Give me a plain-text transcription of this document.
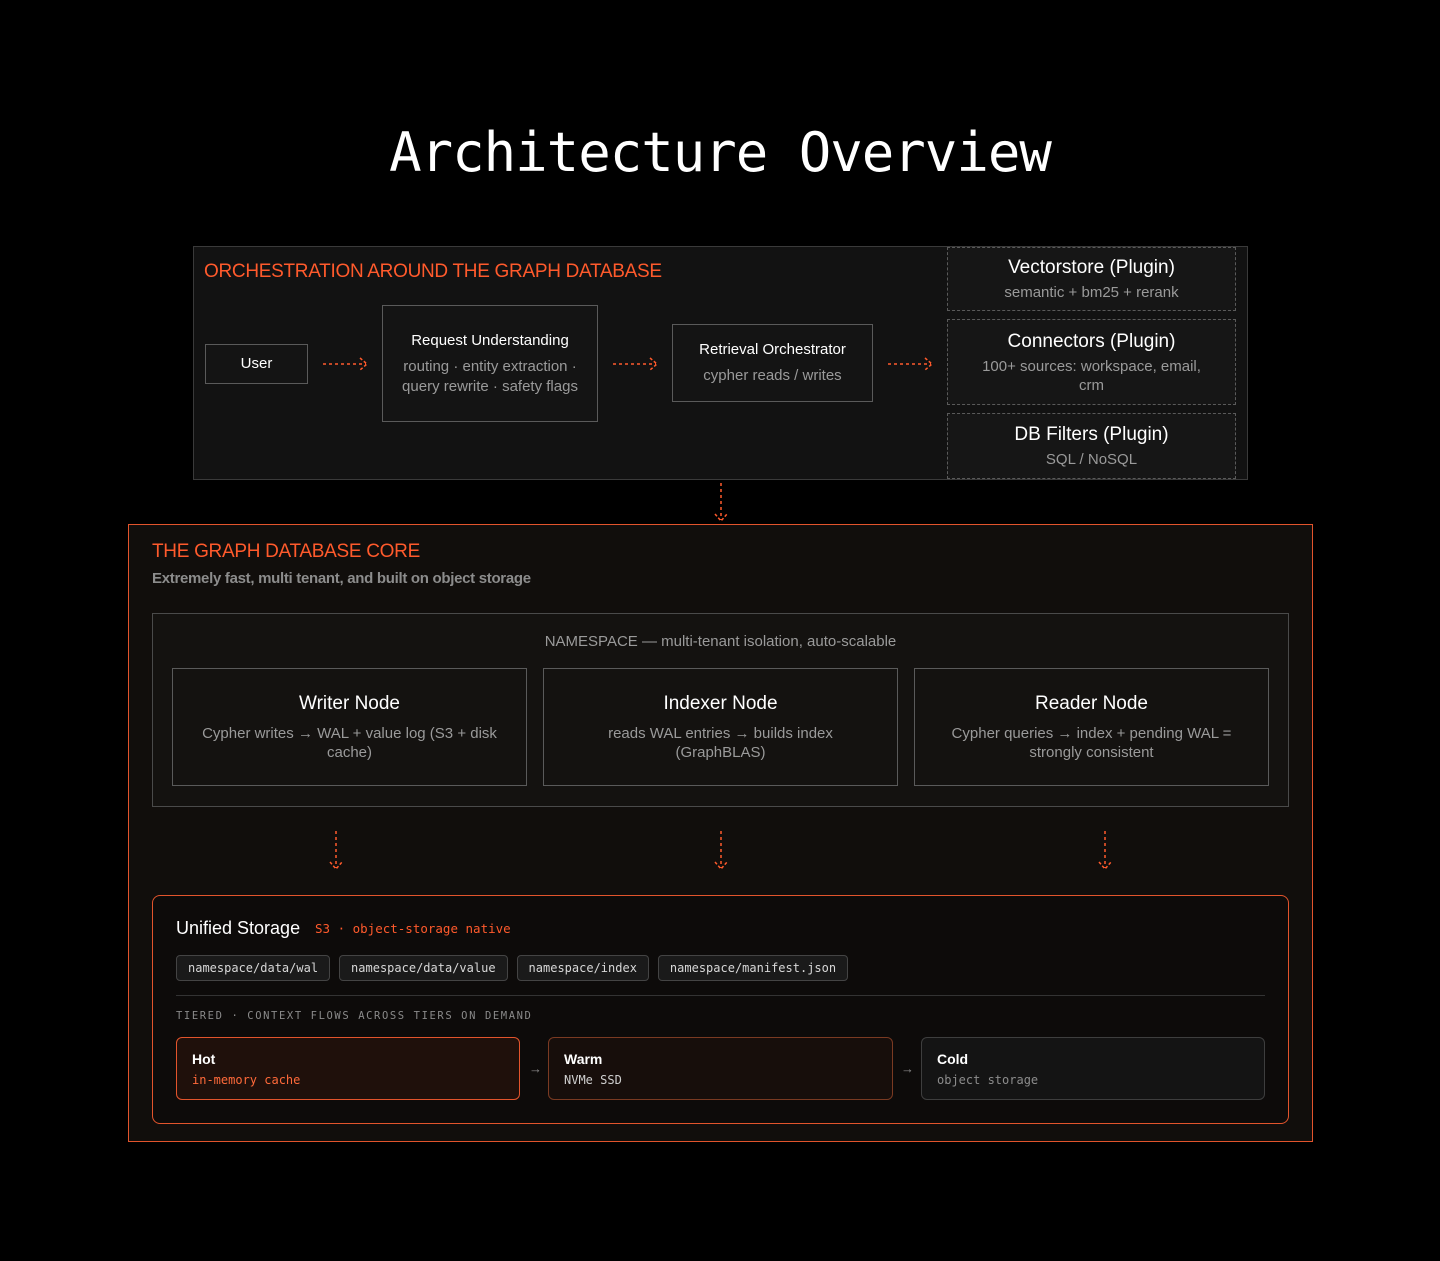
Architecture Overview
ORCHESTRATION AROUND THE GRAPH DATABASE
User
Request Understanding
routing · entity extraction · query rewrite · safety flags
Retrieval Orchestrator
cypher reads / writes
Vectorstore (Plugin)
semantic + bm25 + rerank
Connectors (Plugin)
100+ sources: workspace, email, crm
DB Filters (Plugin)
SQL / NoSQL
THE GRAPH DATABASE CORE
Extremely fast, multi tenant, and built on object storage
NAMESPACE — multi-tenant isolation, auto-scalable
Writer Node
Cypher writes → WAL + value log (S3 + disk cache)
Indexer Node
reads WAL entries → builds index (GraphBLAS)
Reader Node
Cypher queries → index + pending WAL = strongly consistent
Unified Storage S3 · object-storage native
namespace/data/wal	namespace/data/value	namespace/index	namespace/manifest.json
TIERED · CONTEXT FLOWS ACROSS TIERS ON DEMAND
Hot
in-memory cache
→
Warm
NVMe SSD
→
Cold
object storage
